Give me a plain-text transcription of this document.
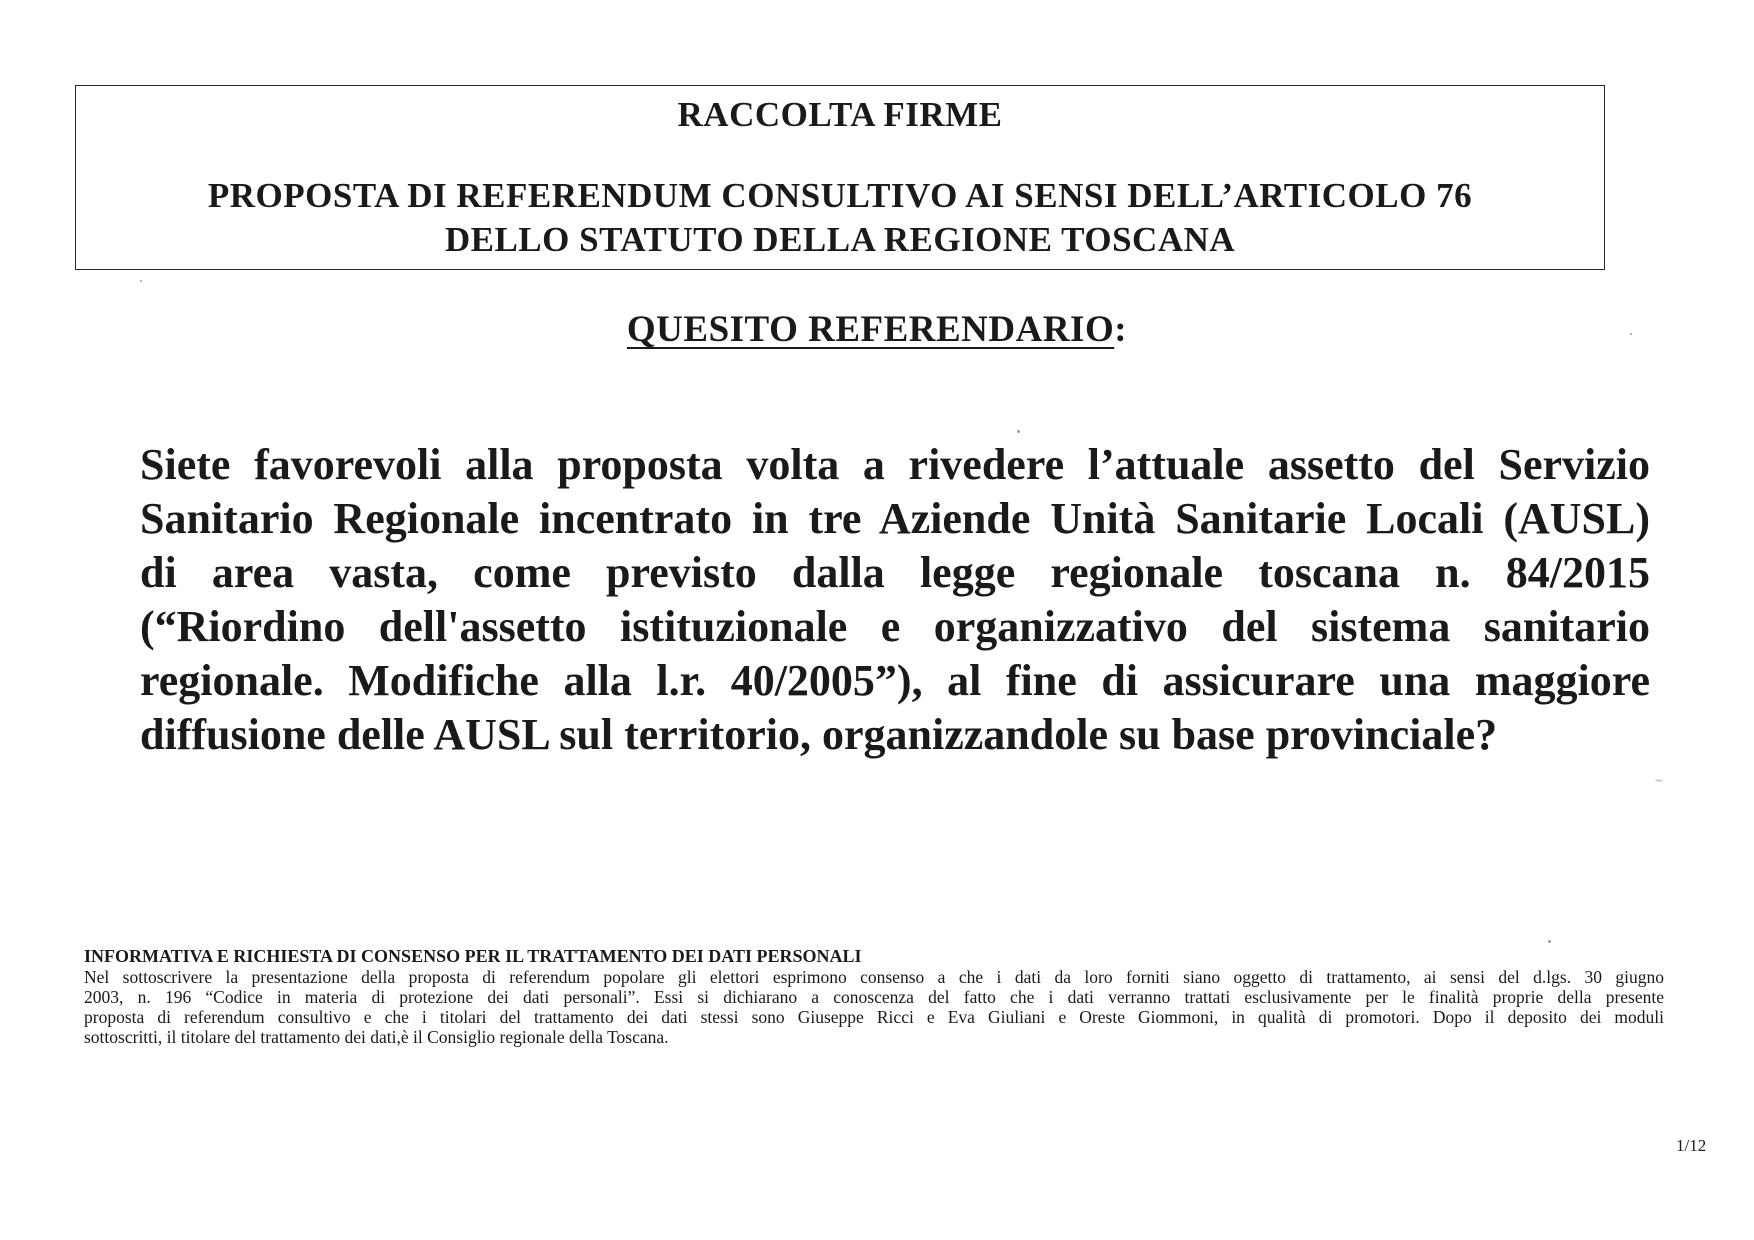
RACCOLTA FIRME
PROPOSTA DI REFERENDUM CONSULTIVO AI SENSI DELL’ARTICOLO 76
DELLO STATUTO DELLA REGIONE TOSCANA
QUESITO REFERENDARIO:

Siete favorevoli alla proposta volta a rivedere l’attuale assetto del Servizio
Sanitario Regionale incentrato in tre Aziende Unità Sanitarie Locali (AUSL)
di area vasta, come previsto dalla legge regionale toscana n. 84/2015
(“Riordino dell'assetto istituzionale e organizzativo del sistema sanitario
regionale. Modifiche alla l.r. 40/2005”), al fine di assicurare una maggiore
diffusione delle AUSL sul territorio, organizzandole su base provinciale?

INFORMATIVA E RICHIESTA DI CONSENSO PER IL TRATTAMENTO DEI DATI PERSONALI
Nel sottoscrivere la presentazione della proposta di referendum popolare gli elettori esprimono consenso a che i dati da loro forniti siano oggetto di trattamento, ai sensi del d.lgs. 30 giugno
2003, n. 196 “Codice in materia di protezione dei dati personali”. Essi si dichiarano a conoscenza del fatto che i dati verranno trattati esclusivamente per le finalità proprie della presente
proposta di referendum consultivo e che i titolari del trattamento dei dati stessi sono Giuseppe Ricci e Eva Giuliani e Oreste Giommoni, in qualità di promotori. Dopo il deposito dei moduli
sottoscritti, il titolare del trattamento dei dati,è il Consiglio regionale della Toscana.
1/12
